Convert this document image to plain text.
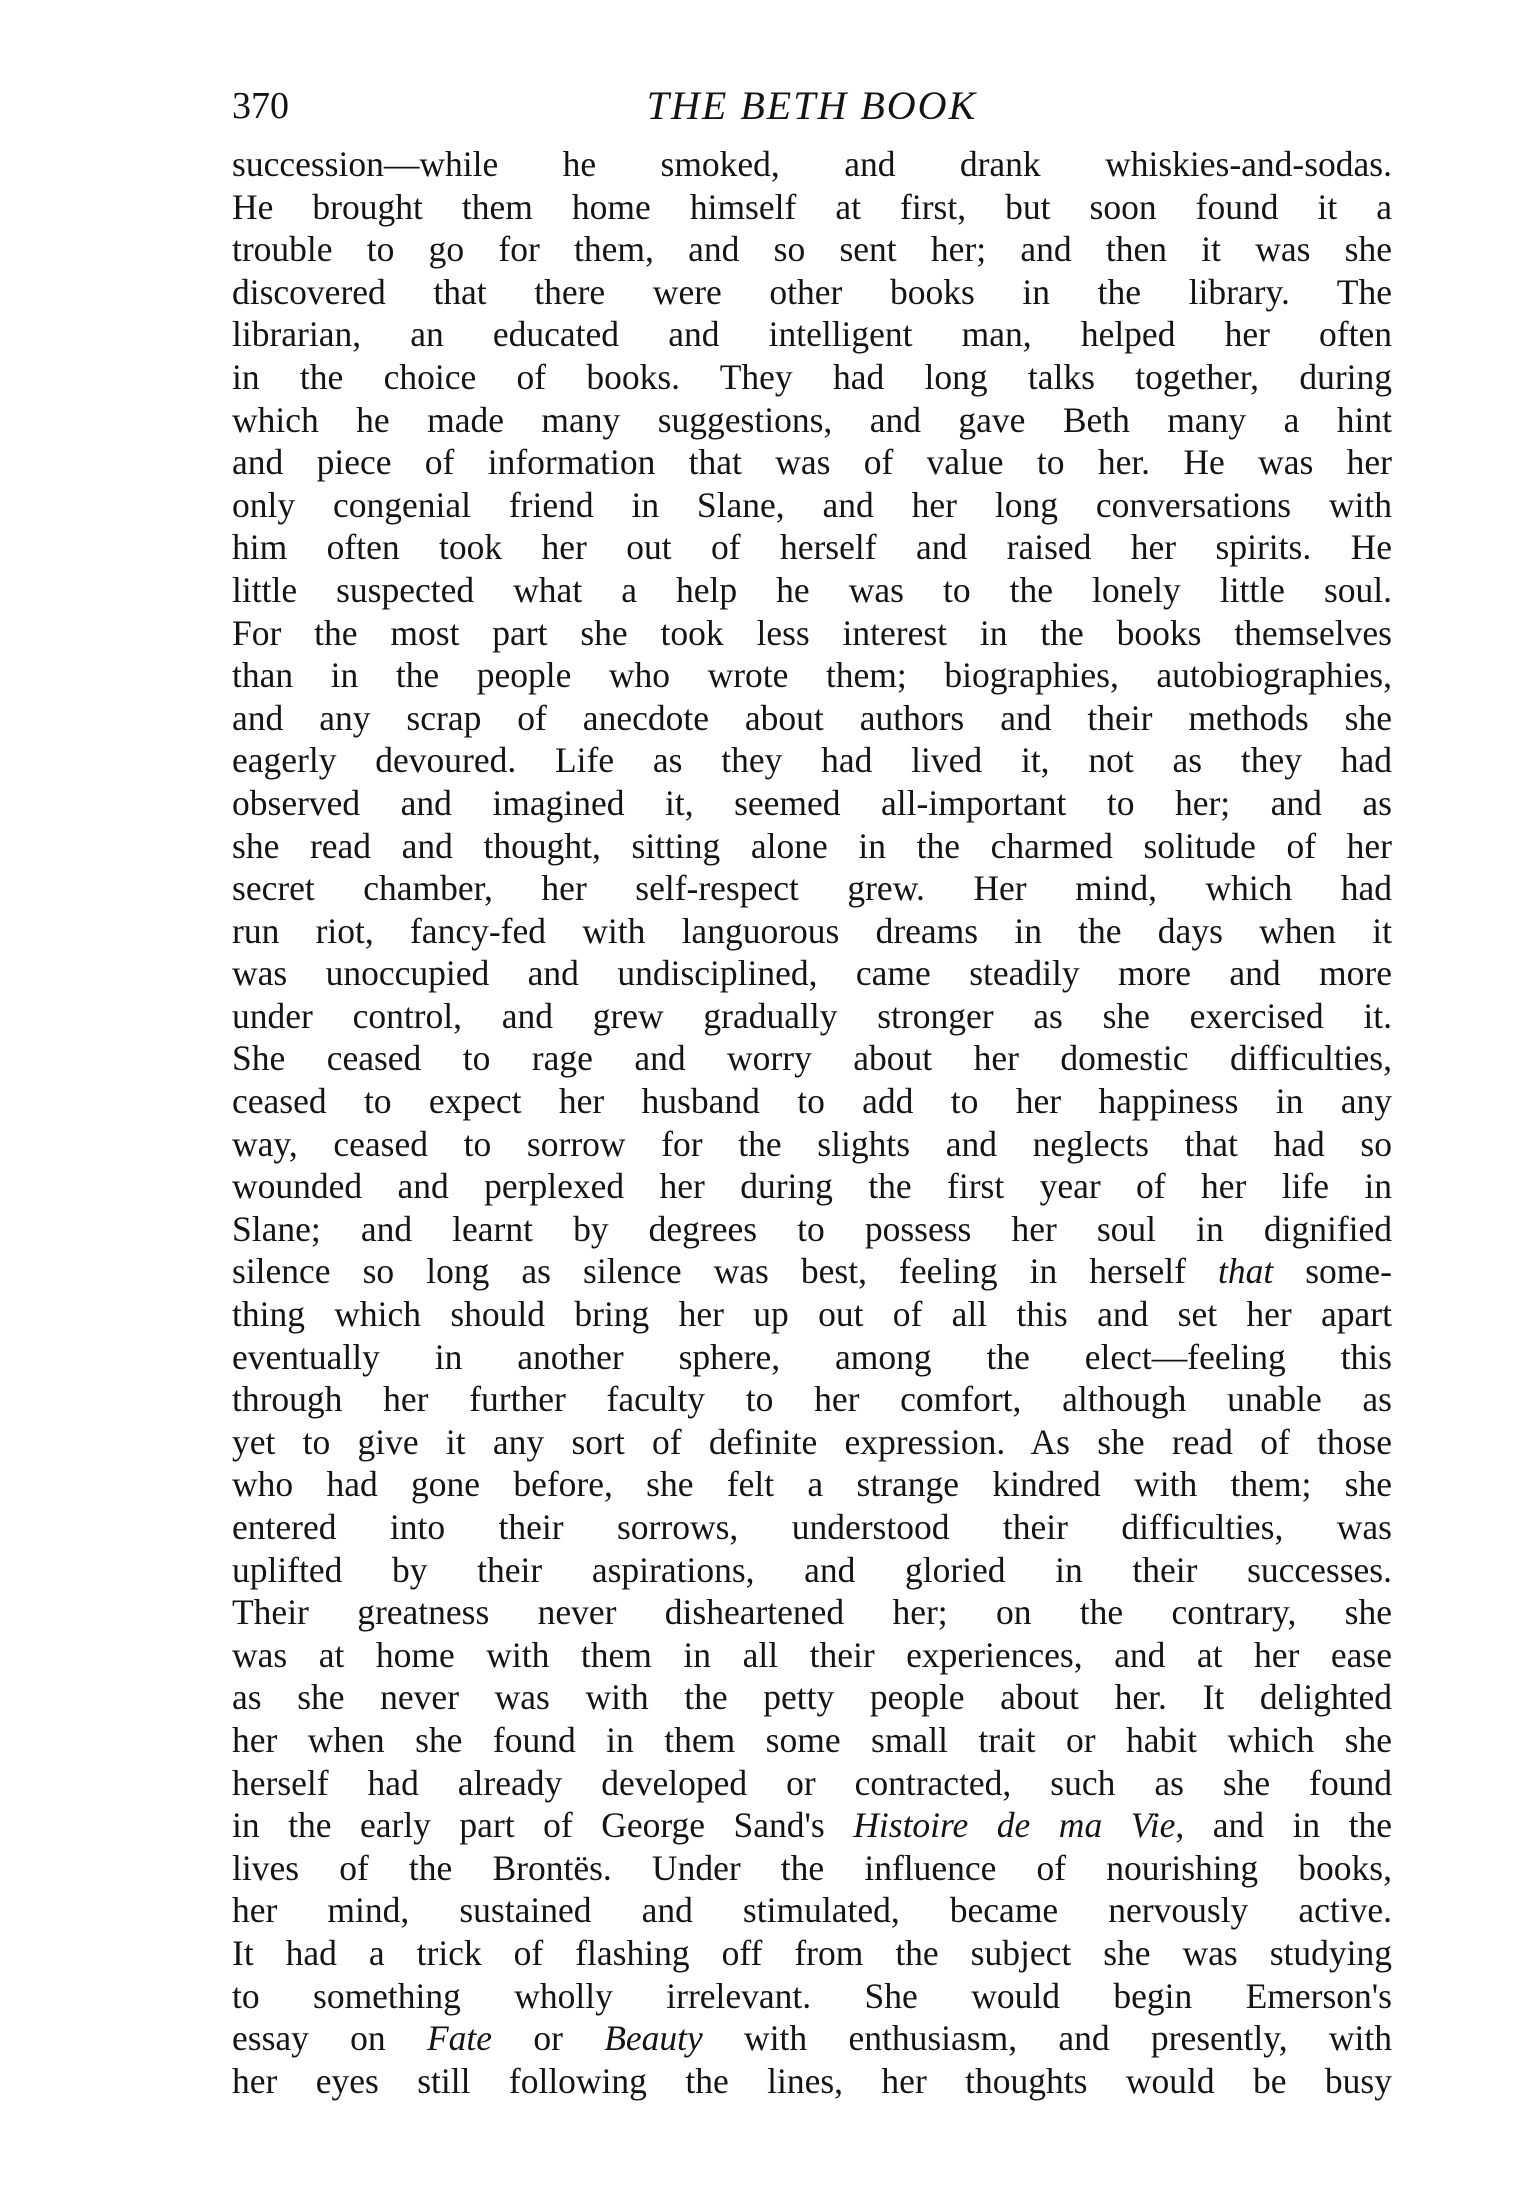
370	THE BETH BOOK
succession—while he smoked, and drank whiskies-and-sodas.
He brought them home himself at first, but soon found it a
trouble to go for them, and so sent her; and then it was she
discovered that there were other books in the library. The
librarian, an educated and intelligent man, helped her often
in the choice of books. They had long talks together, during
which he made many suggestions, and gave Beth many a hint
and piece of information that was of value to her. He was her
only congenial friend in Slane, and her long conversations with
him often took her out of herself and raised her spirits. He
little suspected what a help he was to the lonely little soul.
For the most part she took less interest in the books themselves
than in the people who wrote them; biographies, autobiographies,
and any scrap of anecdote about authors and their methods she
eagerly devoured. Life as they had lived it, not as they had
observed and imagined it, seemed all-important to her; and as
she read and thought, sitting alone in the charmed solitude of her
secret chamber, her self-respect grew. Her mind, which had
run riot, fancy-fed with languorous dreams in the days when it
was unoccupied and undisciplined, came steadily more and more
under control, and grew gradually stronger as she exercised it.
She ceased to rage and worry about her domestic difficulties,
ceased to expect her husband to add to her happiness in any
way, ceased to sorrow for the slights and neglects that had so
wounded and perplexed her during the first year of her life in
Slane; and learnt by degrees to possess her soul in dignified
silence so long as silence was best, feeling in herself that some-
thing which should bring her up out of all this and set her apart
eventually in another sphere, among the elect—feeling this
through her further faculty to her comfort, although unable as
yet to give it any sort of definite expression. As she read of those
who had gone before, she felt a strange kindred with them; she
entered into their sorrows, understood their difficulties, was
uplifted by their aspirations, and gloried in their successes.
Their greatness never disheartened her; on the contrary, she
was at home with them in all their experiences, and at her ease
as she never was with the petty people about her. It delighted
her when she found in them some small trait or habit which she
herself had already developed or contracted, such as she found
in the early part of George Sand's Histoire de ma Vie, and in the
lives of the Brontës. Under the influence of nourishing books,
her mind, sustained and stimulated, became nervously active.
It had a trick of flashing off from the subject she was studying
to something wholly irrelevant. She would begin Emerson's
essay on Fate or Beauty with enthusiasm, and presently, with
her eyes still following the lines, her thoughts would be busy
